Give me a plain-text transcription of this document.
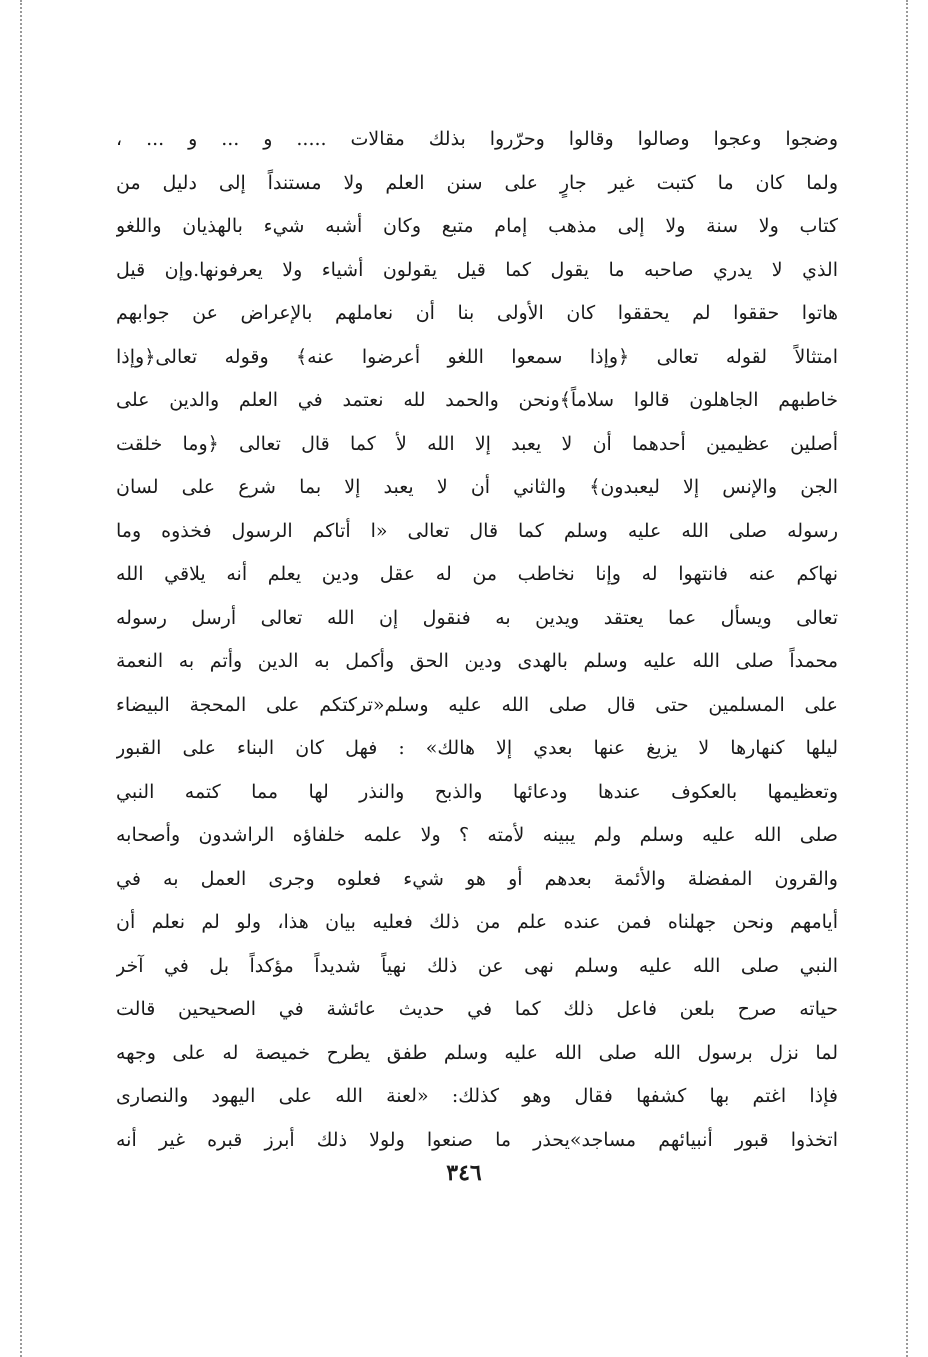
وضجوا وعجوا وصالوا وقالوا وحرّروا بذلك مقالات ..... و ... و ... ،
ولما كان ما كتبت غير جارٍ على سنن العلم ولا مستنداً إلى دليل من
كتاب ولا سنة ولا إلى مذهب إمام متبع وكان أشبه شيء بالهذيان واللغو
الذي لا يدري صاحبه ما يقول كما قيل يقولون أشياء ولا يعرفونها.وإن قيل
هاتوا حققوا لم يحققوا كان الأولى بنا أن نعاملهم بالإعراض عن جوابهم
امتثالاً لقوله تعالى ﴿وإذا سمعوا اللغو أعرضوا عنه﴾ وقوله تعالى﴿وإذا
خاطبهم الجاهلون قالوا سلاماً﴾ونحن والحمد لله نعتمد في العلم والدين على
أصلين عظيمين أحدهما أن لا يعبد إلا الله لأ كما قال تعالى ﴿وما خلقت
الجن والإنس إلا ليعبدون﴾ والثاني أن لا يعبد إلا بما شرع على لسان
رسوله صلى الله عليه وسلم كما قال تعالى «ا أتاكم الرسول فخذوه وما
نهاكم عنه فانتهوا له وإنا نخاطب من له عقل ودين يعلم أنه يلاقي الله
تعالى ويسأل عما يعتقد ويدين به فنقول إن الله تعالى أرسل رسوله
محمداً صلى الله عليه وسلم بالهدى ودين الحق وأكمل به الدين وأتم به النعمة
على المسلمين حتى قال صلى الله عليه وسلم«تركتكم على المحجة البيضاء
ليلها كنهارها لا يزيغ عنها بعدي إلا هالك» : فهل كان البناء على القبور
وتعظيمها بالعكوف عندها ودعائها والذبح والنذر لها مما كتمه النبي
صلى الله عليه وسلم ولم يبينه لأمته ؟ ولا علمه خلفاؤه الراشدون وأصحابه
والقرون المفضلة والأئمة بعدهم أو هو شيء فعلوه وجرى العمل به في
أيامهم ونحن جهلناه فمن عنده علم من ذلك فعليه بيان هذا، ولو لم نعلم أن
النبي صلى الله عليه وسلم نهى عن ذلك نهياً شديداً مؤكداً بل في آخر
حياته صرح بلعن فاعل ذلك كما في حديث عائشة في الصحيحين قالت
لما نزل برسول الله صلى الله عليه وسلم طفق يطرح خميصة له على وجهه
فإذا اغتم بها كشفها فقال وهو كذلك: «لعنة الله على اليهود والنصارى
اتخذوا قبور أنبيائهم مساجد»يحذر ما صنعوا ولولا ذلك أبرز قبره غير أنه
٣٤٦
